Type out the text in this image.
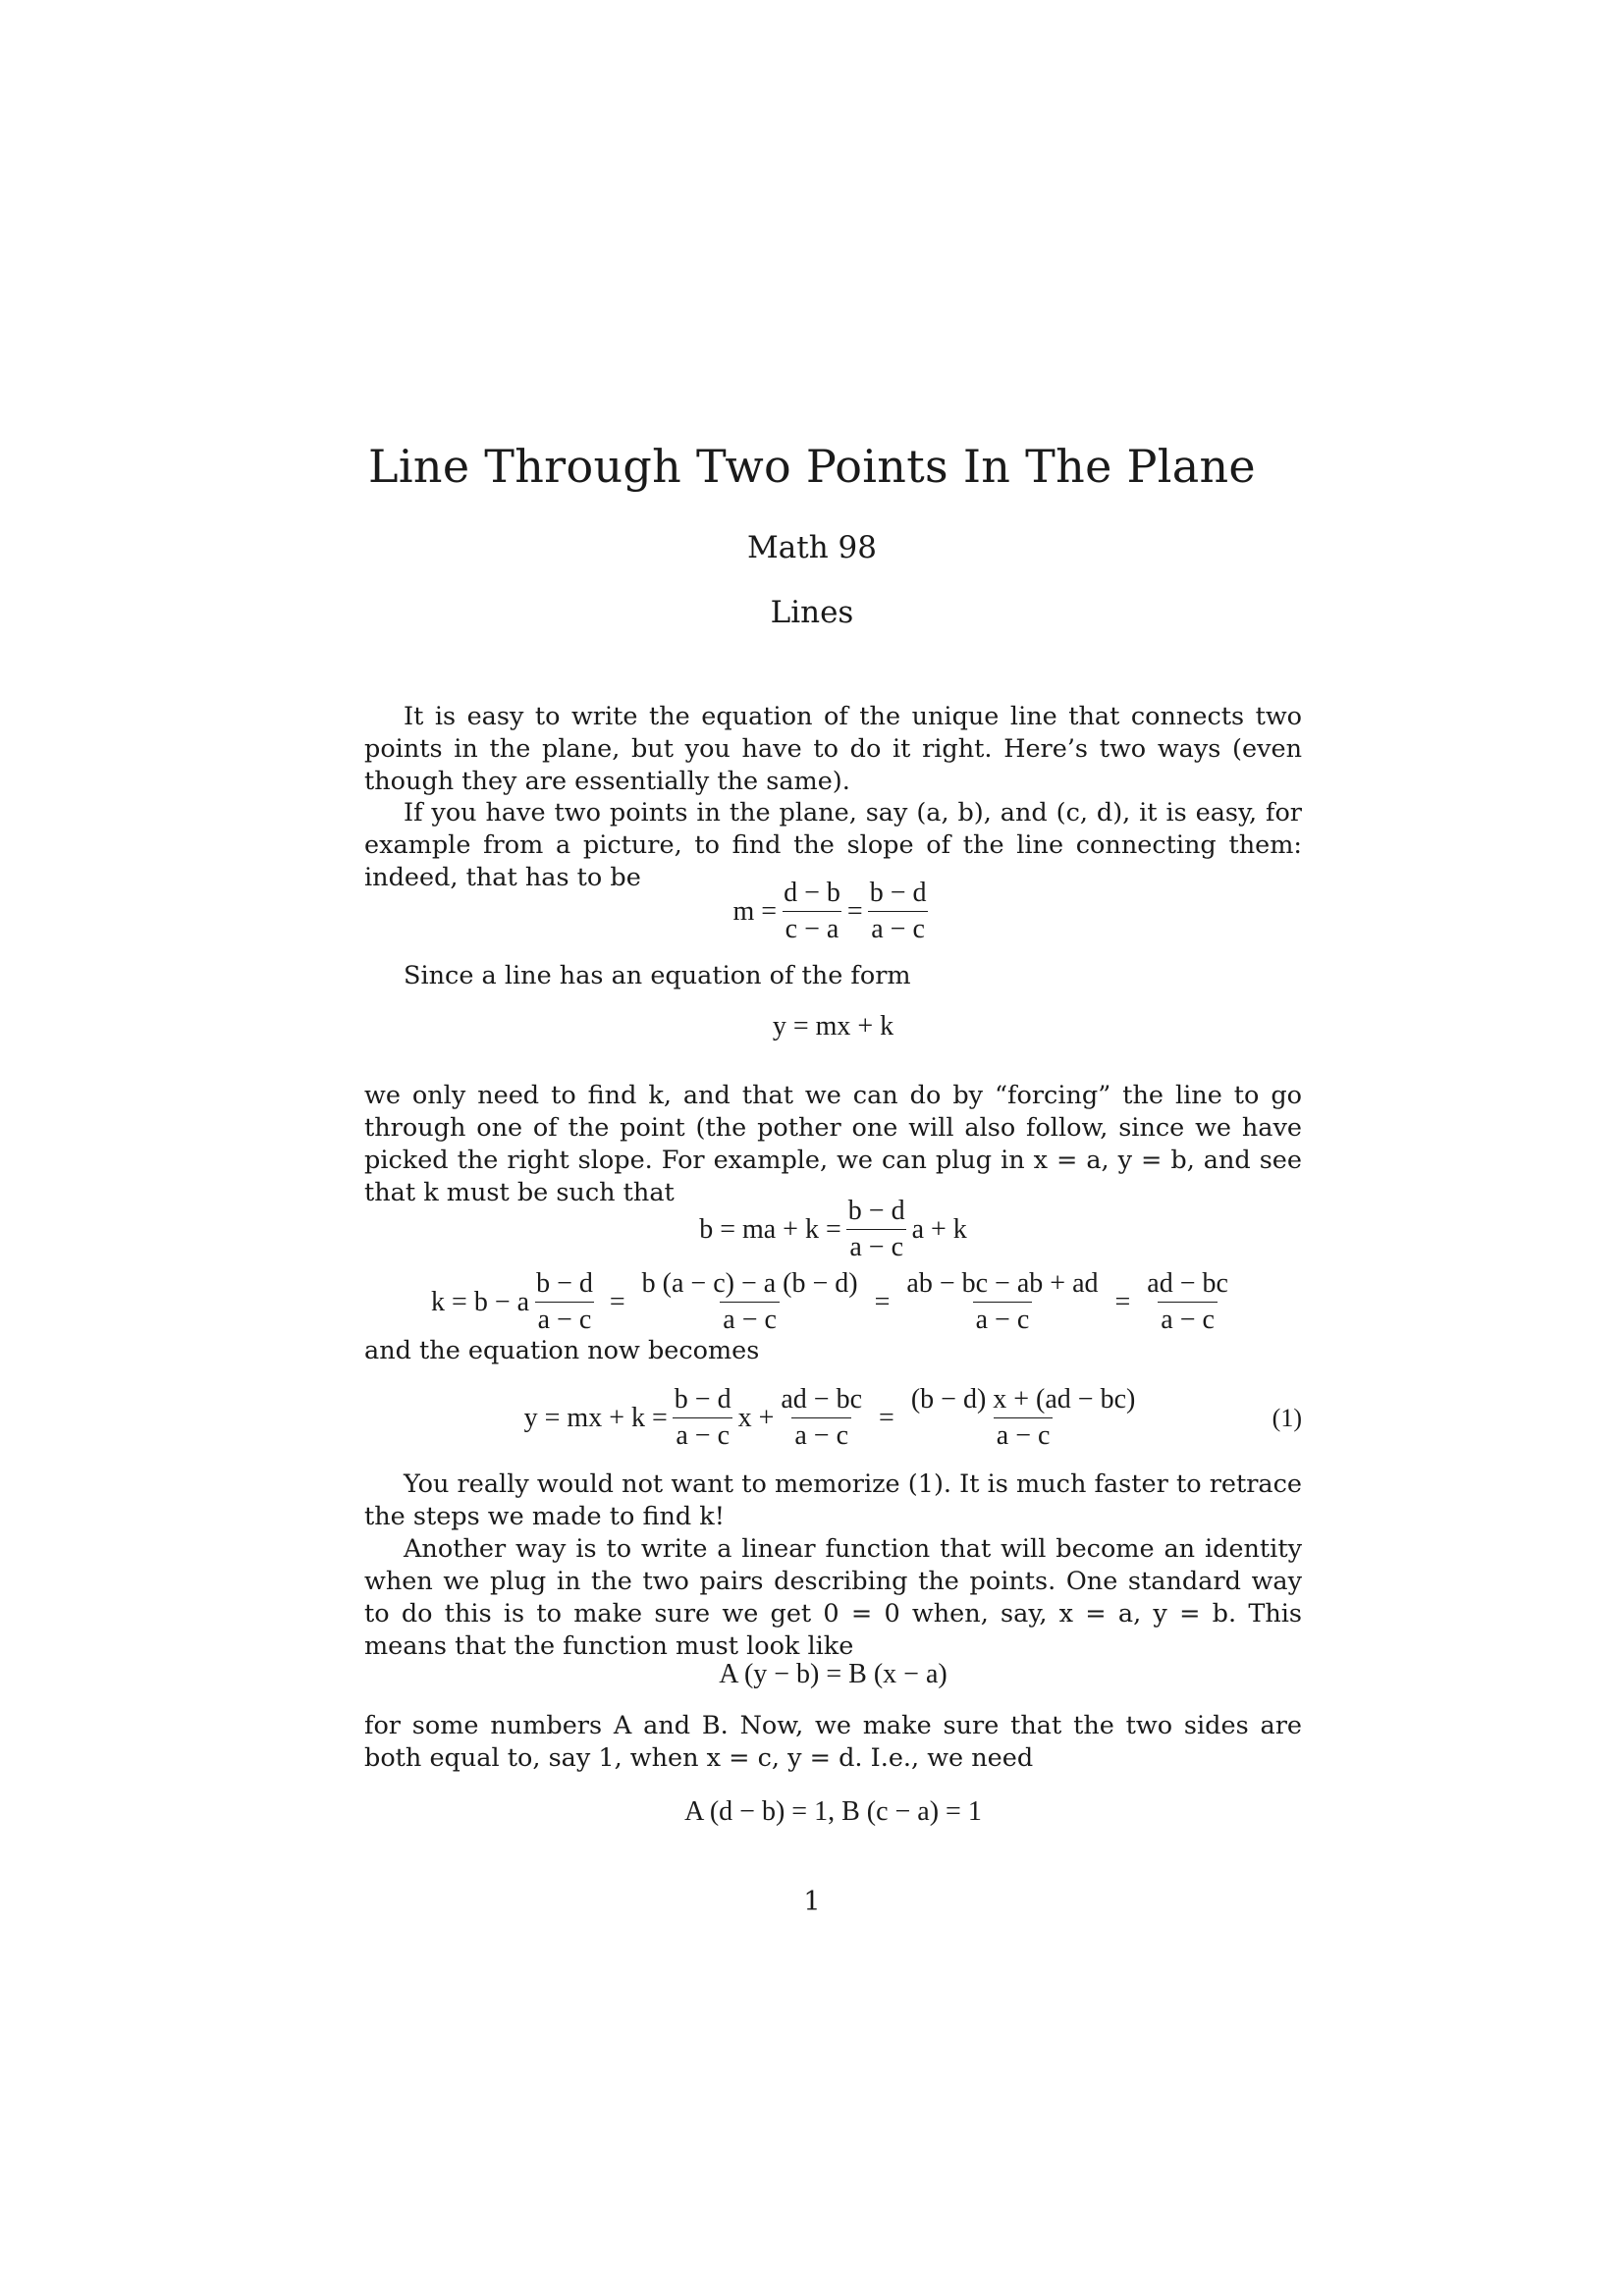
Line Through Two Points In The Plane
Math 98
Lines
It is easy to write the equation of the unique line that connects two points in the plane, but you have to do it right. Here’s two ways (even though they are essentially the same).
If you have two points in the plane, say (a, b), and (c, d), it is easy, for example from a picture, to find the slope of the line connecting them: indeed, that has to be
$m = \frac{d - b}{c - a} = \frac{b - d}{a - c}$
Since a line has an equation of the form
y = mx + k
we only need to find k, and that we can do by “forcing” the line to go through one of the point (the pother one will also follow, since we have picked the right slope. For example, we can plug in x = a, y = b, and see that k must be such that
b = ma + $k = \frac{b - d}{a - c}$ a + k
k = b − a $\frac{b - d}{a - c} = \frac{b (a - c) - a (b - d)}{a - c} = \frac{ab - bc - ab + ad}{a - c} = \frac{ad - bc}{a - c}$
and the equation now becomes
y = mx + $k = \frac{b - d}{a - c}$ $x + \frac{ad - bc}{a - c} = \frac{(b - d) x + (ad - bc)}{a - c}$	(1)
You really would not want to memorize (1). It is much faster to retrace the steps we made to find k!
Another way is to write a linear function that will become an identity when we plug in the two pairs describing the points. One standard way to do this is to make sure we get 0 = 0 when, say, x = a, y = b. This means that the function must look like
A (y − b) = B (x − a)
for some numbers A and B. Now, we make sure that the two sides are both equal to, say 1, when x = c, y = d. I.e., we need
A (d − b) = 1, B (c − a) = 1
1
